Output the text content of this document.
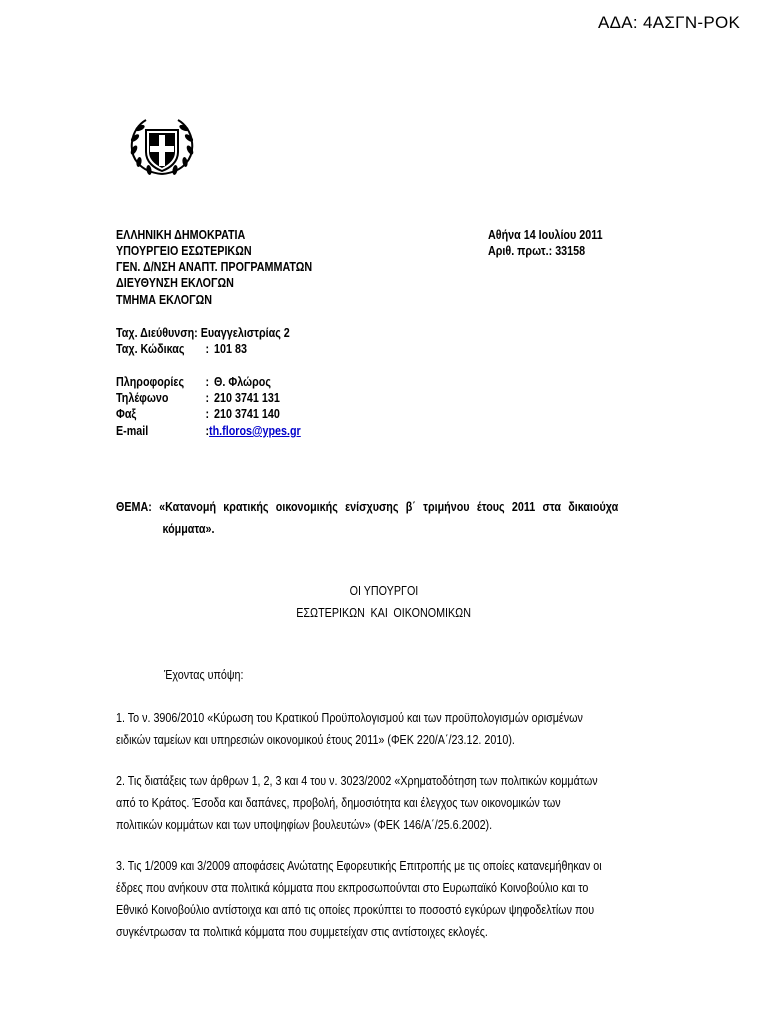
ΑΔΑ: 4ΑΣΓΝ-ΡΟΚ
ΕΛΛΗΝΙΚΗ ΔΗΜΟΚΡΑΤΙΑ
ΥΠΟΥΡΓΕΙΟ ΕΣΩΤΕΡΙΚΩΝ
ΓΕΝ. Δ/ΝΣΗ ΑΝΑΠΤ. ΠΡΟΓΡΑΜΜΑΤΩΝ
ΔΙΕΥΘΥΝΣΗ ΕΚΛΟΓΩΝ
ΤΜΗΜΑ ΕΚΛΟΓΩΝ
Αθήνα 14 Ιουλίου 2011
Αριθ. πρωτ.: 33158
Ταχ. Διεύθυνση: Ευαγγελιστρίας 2
Ταχ. Κώδικας : 101 83
Πληροφορίες : Θ. Φλώρος
Τηλέφωνο	: 210 3741 131
Φαξ	: 210 3741 140
E-mail	:th.floros@ypes.gr
ΘΕΜΑ: «Κατανομή κρατικής οικονομικής ενίσχυσης β΄ τριμήνου έτους 2011 στα δικαιούχα
κόμματα».
ΟΙ ΥΠΟΥΡΓΟΙ
ΕΣΩΤΕΡΙΚΩΝ ΚΑΙ ΟΙΚΟΝΟΜΙΚΩΝ
Έχοντας υπόψη:
1. Το ν. 3906/2010 «Κύρωση του Κρατικού Προϋπολογισμού και των προϋπολογισμών ορισμένων
ειδικών ταμείων και υπηρεσιών οικονομικού έτους 2011» (ΦΕΚ 220/Α΄/23.12. 2010).
2. Τις διατάξεις των άρθρων 1, 2, 3 και 4 του ν. 3023/2002 «Χρηματοδότηση των πολιτικών κομμάτων
από το Κράτος. Έσοδα και δαπάνες, προβολή, δημοσιότητα και έλεγχος των οικονομικών των
πολιτικών κομμάτων και των υποψηφίων βουλευτών» (ΦΕΚ 146/Α΄/25.6.2002).
3. Τις 1/2009 και 3/2009 αποφάσεις Ανώτατης Εφορευτικής Επιτροπής με τις οποίες κατανεμήθηκαν οι
έδρες που ανήκουν στα πολιτικά κόμματα που εκπροσωπούνται στο Ευρωπαϊκό Κοινοβούλιο και το
Εθνικό Κοινοβούλιο αντίστοιχα και από τις οποίες προκύπτει το ποσοστό εγκύρων ψηφοδελτίων που
συγκέντρωσαν τα πολιτικά κόμματα που συμμετείχαν στις αντίστοιχες εκλογές.
